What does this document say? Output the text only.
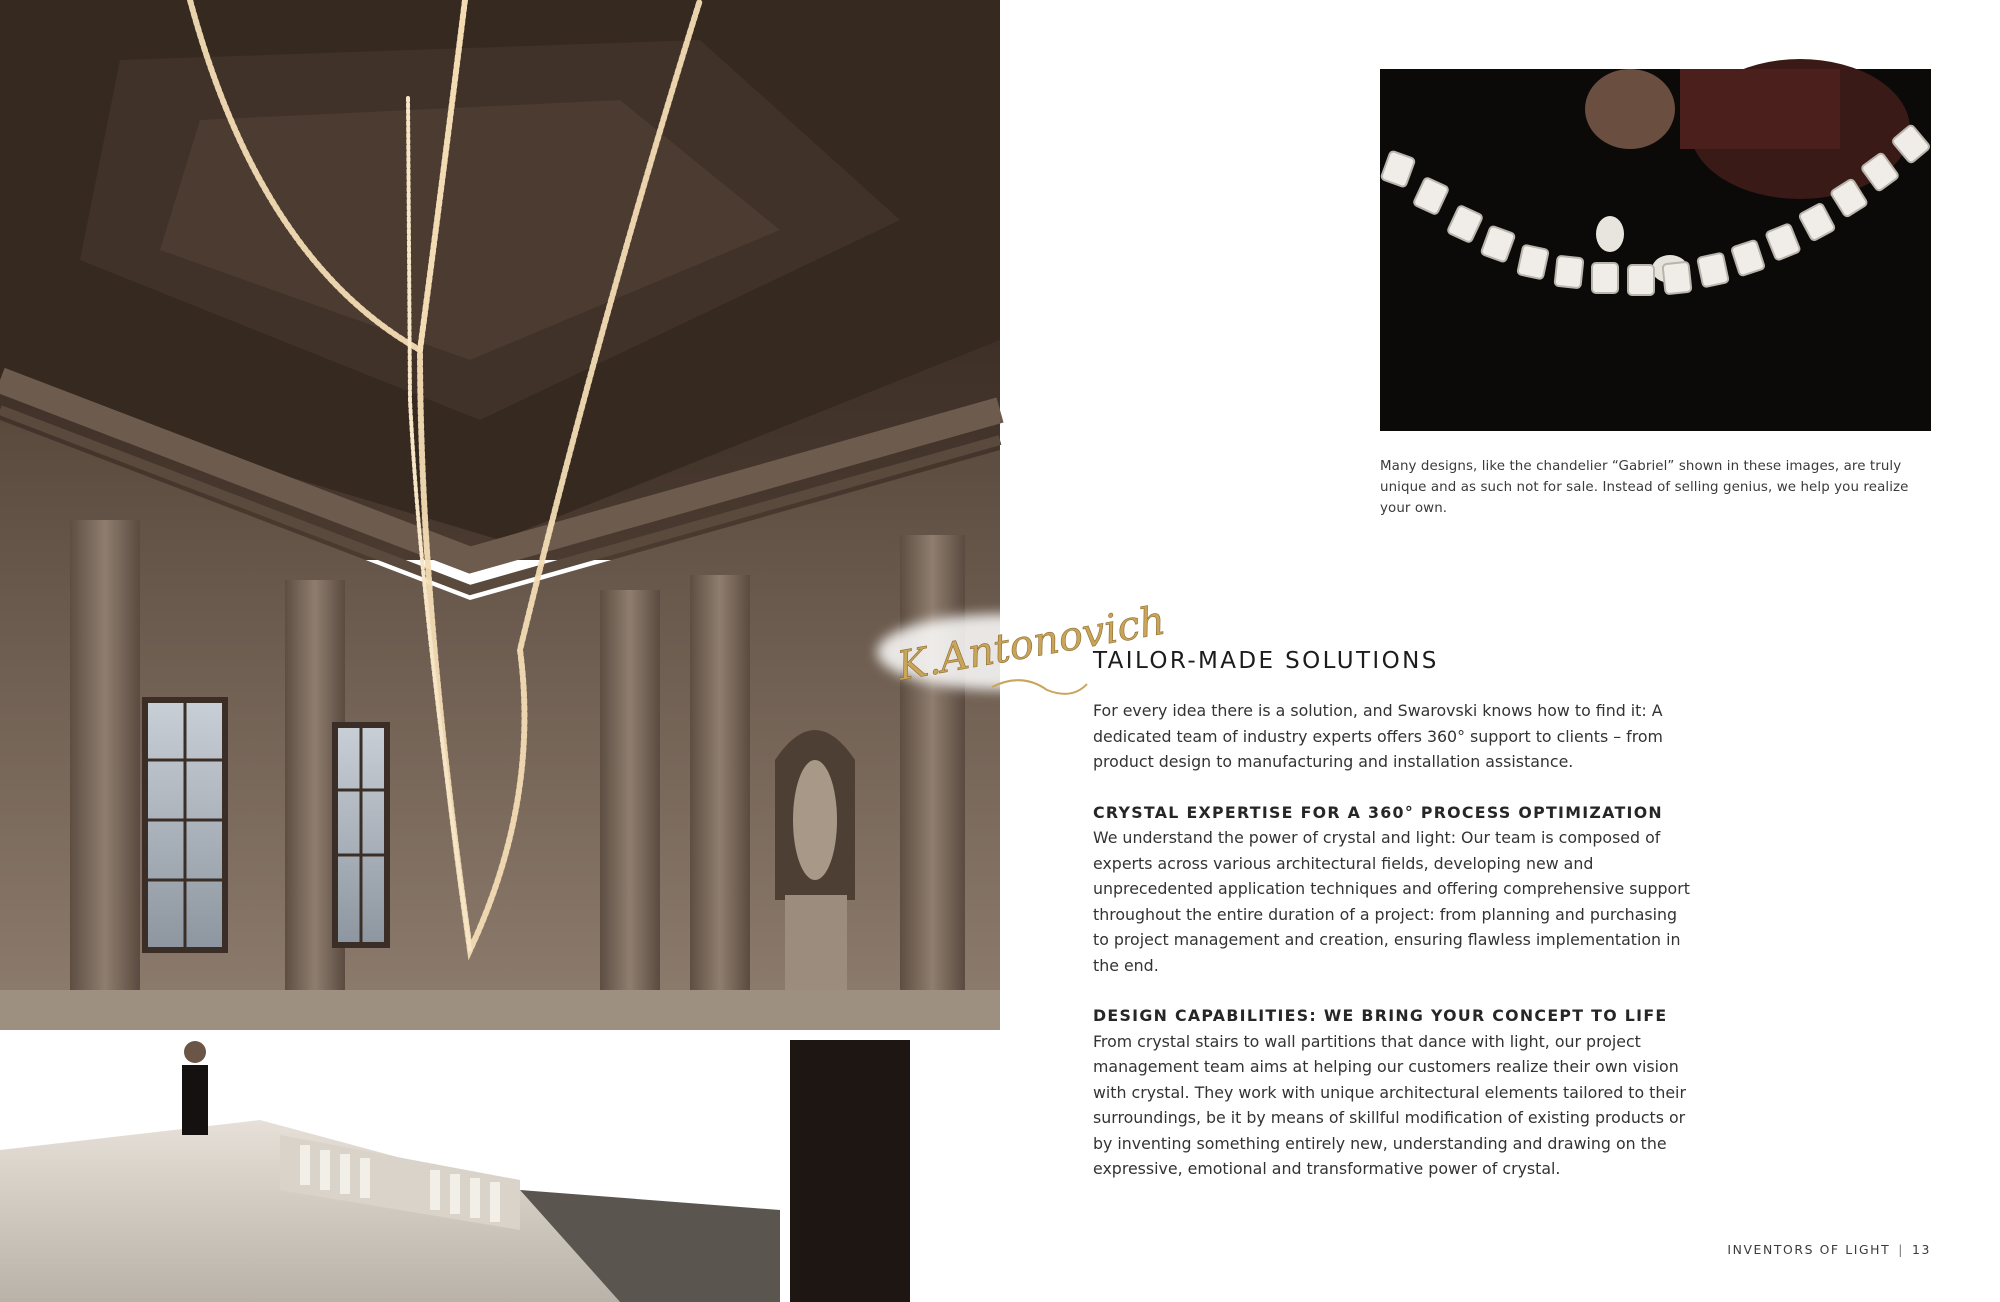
Many designs, like the chandelier “Gabriel” shown in these images, are truly unique and as such not for sale. Instead of selling genius, we help you realize your own.

K.Antonovich
TAILOR-MADE SOLUTIONS

For every idea there is a solution, and Swarovski knows how to find it: A dedicated team of industry experts offers 360° support to clients – from product design to manufacturing and installation assistance.

CRYSTAL EXPERTISE FOR A 360° PROCESS OPTIMIZATION

We understand the power of crystal and light: Our team is composed of experts across various architectural fields, developing new and unprecedented application techniques and offering comprehensive support throughout the entire duration of a project: from planning and purchasing to project management and creation, ensuring flawless implementation in the end.

DESIGN CAPABILITIES: WE BRING YOUR CONCEPT TO LIFE

From crystal stairs to wall partitions that dance with light, our project management team aims at helping our customers realize their own vision with crystal. They work with unique architectural elements tailored to their surroundings, be it by means of skillful modification of existing products or by inventing something entirely new, understanding and drawing on the expressive, emotional and transformative power of crystal.

INVENTORS OF LIGHT | 13
